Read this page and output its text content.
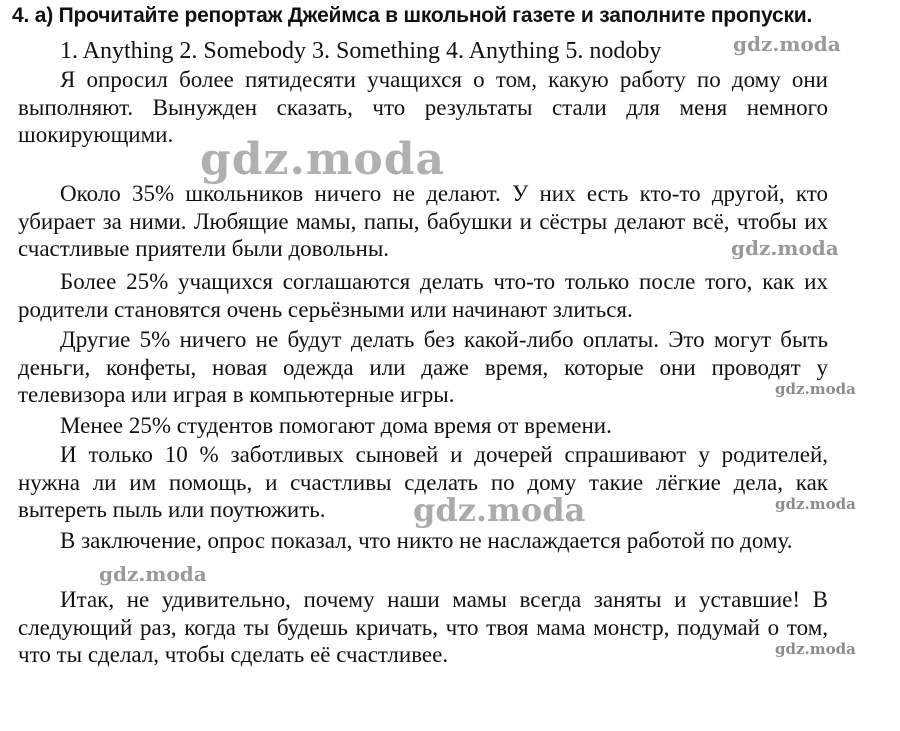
4. а) Прочитайте репортаж Джеймса в школьной газете и заполните пропуски.
1. Anything 2. Somebody 3. Something 4. Anything 5. nodoby

Я опросил более пятидесяти учащихся о том, какую работу по дому они выполняют. Вынужден сказать, что результаты стали для меня немного шокирующими.

Около 35% школьников ничего не делают. У них есть кто-то другой, кто убирает за ними. Любящие мамы, папы, бабушки и сёстры делают всё, чтобы их счастливые приятели были довольны.

Более 25% учащихся соглашаются делать что-то только после того, как их родители становятся очень серьёзными или начинают злиться.

Другие 5% ничего не будут делать без какой-либо оплаты. Это могут быть деньги, конфеты, новая одежда или даже время, которые они проводят у телевизора или играя в компьютерные игры.

Менее 25% студентов помогают дома время от времени.

И только 10 % заботливых сыновей и дочерей спрашивают у родителей, нужна ли им помощь, и счастливы сделать по дому такие лёгкие дела, как вытереть пыль или поутюжить.

В заключение, опрос показал, что никто не наслаждается работой по дому.

Итак, не удивительно, почему наши мамы всегда заняты и уставшие! В следующий раз, когда ты будешь кричать, что твоя мама монстр, подумай о том, что ты сделал, чтобы сделать её счастливее.

gdz.moda
gdz.moda
gdz.moda
gdz.moda
gdz.moda
gdz.moda
gdz.moda
gdz.moda
